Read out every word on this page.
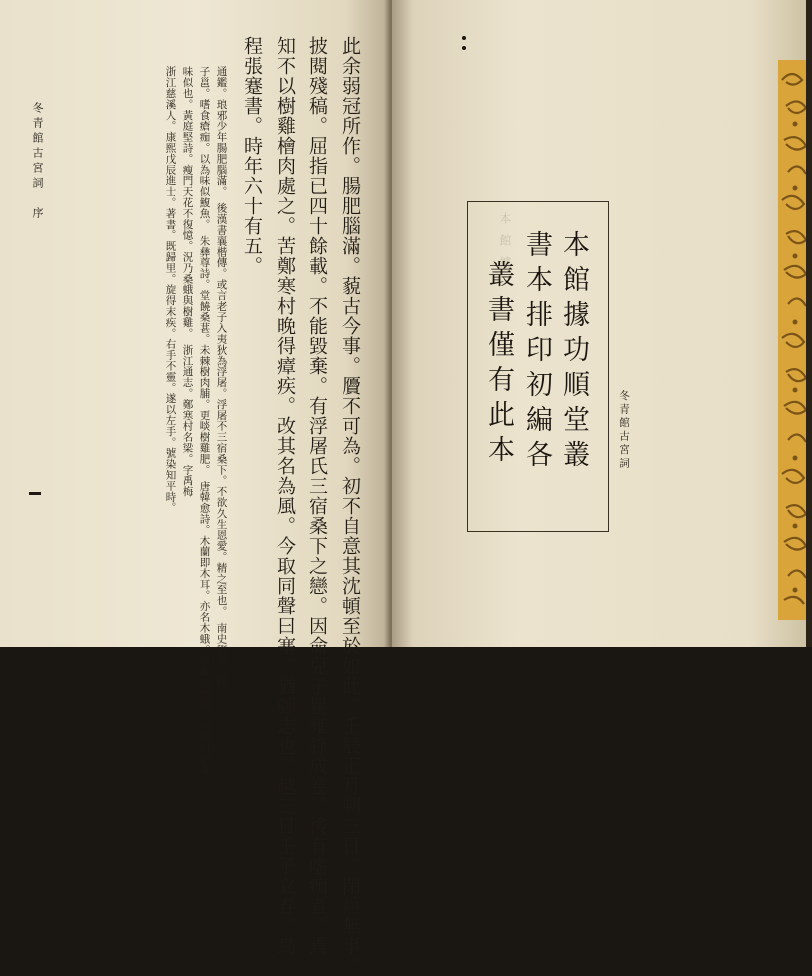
此余弱冠所作。腸肥腦滿。藐古今事。贗不可為。初不自意其沈頓至於如此。壬辰正月朔三日。閉戶無事。
披閱殘稿。屈指已四十餘載。不能毀棄。有浮屠氏三宿桑下之戀。因命兒子瞿雍錄成卷。後有嗜痂者。焉
知不以樹雞檜肉處之。苦鄭寒村晚得瘴疾。改其名為風。今取同聲曰塞。猶鄭志也。越三日壬子立春。烏
程張蹇書。時年六十有五。
通鑑。琅邪少年腸肥腦滿。　後漢書襄楷傳。或言老子入夷狄為浮屠。浮屠不三宿桑下。不欲久生恩愛。精之至也。　南史劉穆之傳
子邕。嗜食瘡痂。以為味似鰒魚。　朱彝尊詩。堂饒桑葚。未棘樹肉脯。更啖樹雞肥。　唐韓愈詩。木蘭即木耳。亦名木蛾。樹雞為檜菌。檜肉曰樹雞
味似也。黃庭堅詩。瘦門天花不復憶。況乃桑蛾與樹雞。　浙江通志。鄭寒村名梁。字禹梅
浙江慈溪人。康熙戊辰進士。著書。既歸里。旋得末疾。右手不靈。遂以左手。號染知平時。
冬青館古宮詞　序
本館據 本館據功順堂叢
書本排印初編各
叢書僅有此本	冬青館古宮詞
